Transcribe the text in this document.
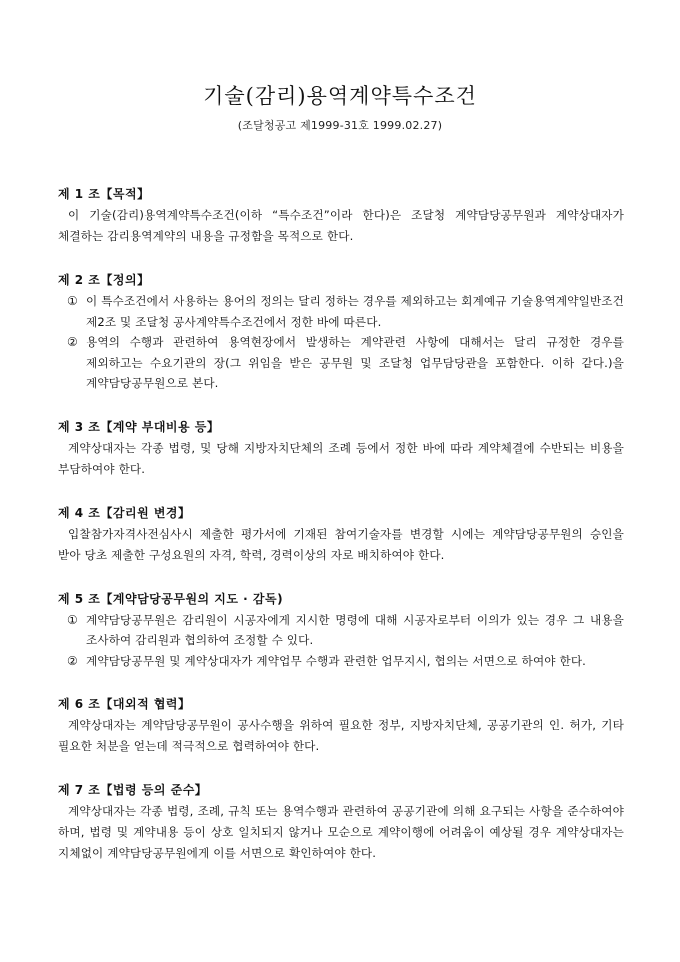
기술(감리)용역계약특수조건
(조달청공고 제1999-31호 1999.02.27)
제 1 조【목적】
이 기술(감리)용역계약특수조건(이하 “특수조건”이라 한다)은 조달청 계약담당공무원과 계약상대자가 체결하는 감리용역계약의 내용을 규정함을 목적으로 한다.
제 2 조【정의】
① 이 특수조건에서 사용하는 용어의 정의는 달리 정하는 경우를 제외하고는 회계예규 기술용역계약일반조건 제2조 및 조달청 공사계약특수조건에서 정한 바에 따른다.
② 용역의 수행과 관련하여 용역현장에서 발생하는 계약관련 사항에 대해서는 달리 규정한 경우를 제외하고는 수요기관의 장(그 위임을 받은 공무원 및 조달청 업무담당관을 포함한다. 이하 같다.)을 계약담당공무원으로 본다.
제 3 조【계약 부대비용 등】
계약상대자는 각종 법령, 및 당해 지방자치단체의 조례 등에서 정한 바에 따라 계약체결에 수반되는 비용을 부담하여야 한다.
제 4 조【감리원 변경】
입찰참가자격사전심사시 제출한 평가서에 기재된 참여기술자를 변경할 시에는 계약담당공무원의 승인을 받아 당초 제출한 구성요원의 자격, 학력, 경력이상의 자로 배치하여야 한다.
제 5 조【계약담당공무원의 지도 · 감독)
① 계약담당공무원은 감리원이 시공자에게 지시한 명령에 대해 시공자로부터 이의가 있는 경우 그 내용을 조사하여 감리원과 협의하여 조정할 수 있다.
② 계약담당공무원 및 계약상대자가 계약업무 수행과 관련한 업무지시, 협의는 서면으로 하여야 한다.
제 6 조【대외적 협력】
계약상대자는 계약담당공무원이 공사수행을 위하여 필요한 정부, 지방자치단체, 공공기관의 인. 허가, 기타 필요한 처분을 얻는데 적극적으로 협력하여야 한다.
제 7 조【법령 등의 준수】
계약상대자는 각종 법령, 조례, 규칙 또는 용역수행과 관련하여 공공기관에 의해 요구되는 사항을 준수하여야 하며, 법령 및 계약내용 등이 상호 일치되지 않거나 모순으로 계약이행에 어려움이 예상될 경우 계약상대자는 지체없이 계약담당공무원에게 이를 서면으로 확인하여야 한다.
